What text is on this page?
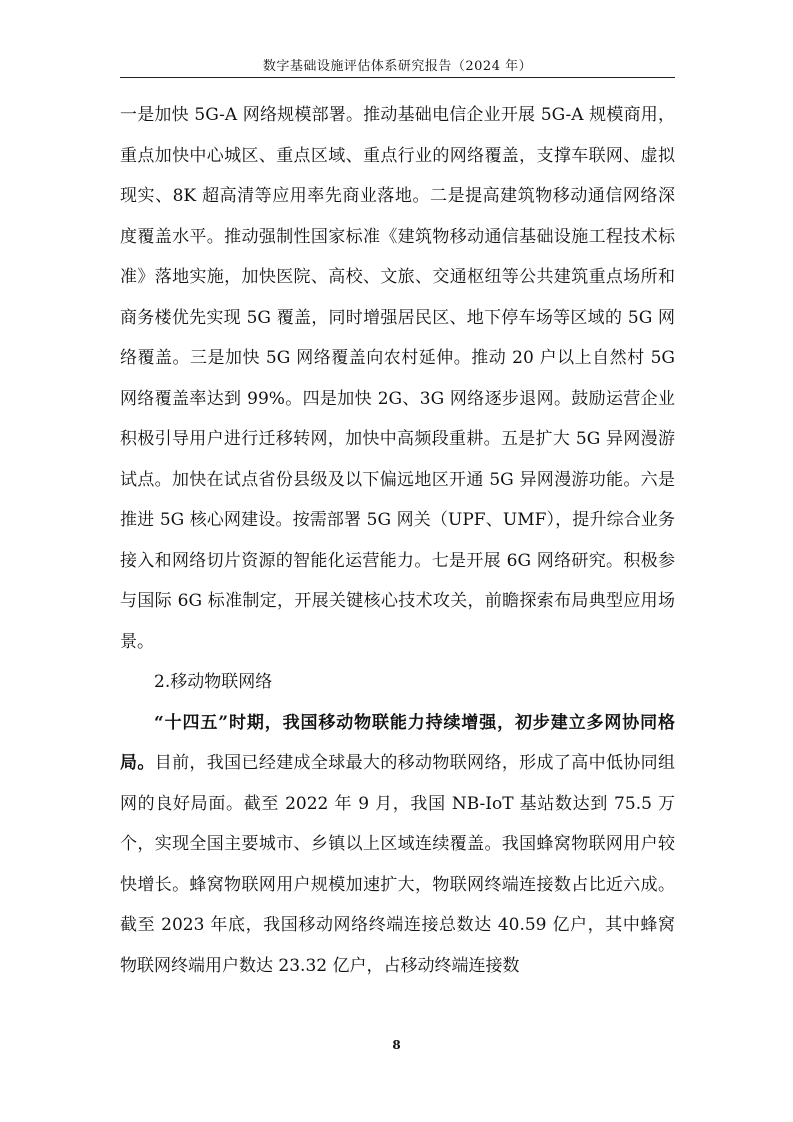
数字基础设施评估体系研究报告（2024 年）

一是加快 5G-A 网络规模部署。推动基础电信企业开展 5G-A 规模商用，重点加快中心城区、重点区域、重点行业的网络覆盖，支撑车联网、虚拟现实、8K 超高清等应用率先商业落地。二是提高建筑物移动通信网络深度覆盖水平。推动强制性国家标准《建筑物移动通信基础设施工程技术标准》落地实施，加快医院、高校、文旅、交通枢纽等公共建筑重点场所和商务楼优先实现 5G 覆盖，同时增强居民区、地下停车场等区域的 5G 网络覆盖。三是加快 5G 网络覆盖向农村延伸。推动 20 户以上自然村 5G 网络覆盖率达到 99%。四是加快 2G、3G 网络逐步退网。鼓励运营企业积极引导用户进行迁移转网，加快中高频段重耕。五是扩大 5G 异网漫游试点。加快在试点省份县级及以下偏远地区开通 5G 异网漫游功能。六是推进 5G 核心网建设。按需部署 5G 网关（UPF、UMF），提升综合业务接入和网络切片资源的智能化运营能力。七是开展 6G 网络研究。积极参与国际 6G 标准制定，开展关键核心技术攻关，前瞻探索布局典型应用场景。

2.移动物联网络

“十四五”时期，我国移动物联能力持续增强，初步建立多网协同格局。目前，我国已经建成全球最大的移动物联网络，形成了高中低协同组网的良好局面。截至 2022 年 9 月，我国 NB-IoT 基站数达到 75.5 万个，实现全国主要城市、乡镇以上区域连续覆盖。我国蜂窝物联网用户较快增长。蜂窝物联网用户规模加速扩大，物联网终端连接数占比近六成。截至 2023 年底，我国移动网络终端连接总数达 40.59 亿户，其中蜂窝物联网终端用户数达 23.32 亿户，占移动终端连接数

8
